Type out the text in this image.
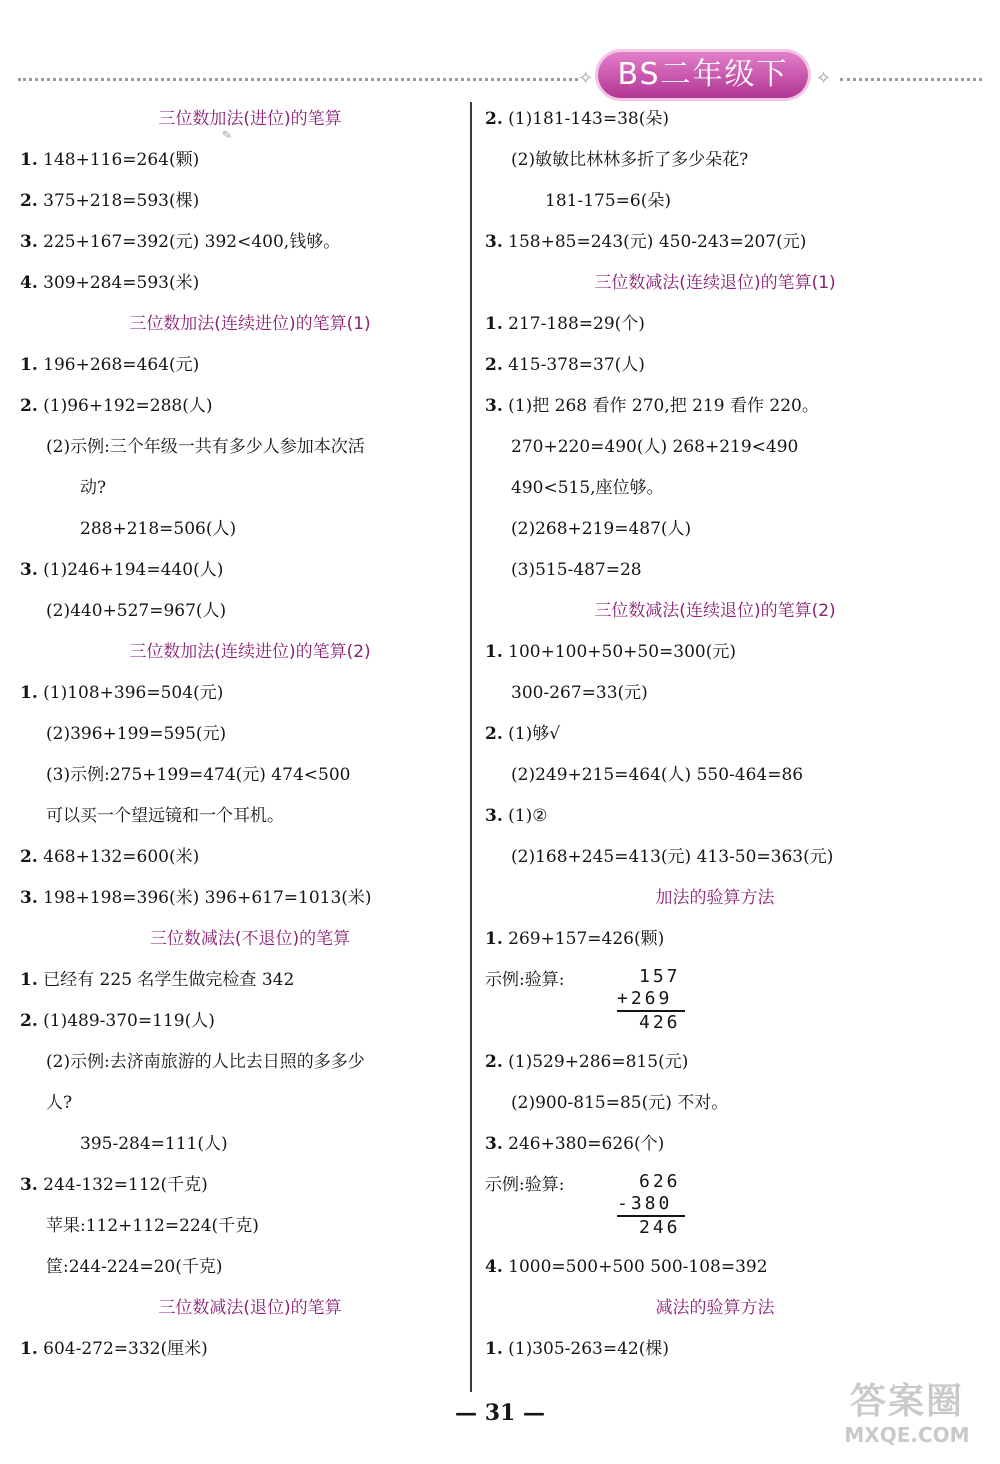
✧ BS二年级下	✧
✎
三位数加法(进位)的笔算
1. 148+116=264(颗)
2. 375+218=593(棵)
3. 225+167=392(元) 392<400,钱够。
4. 309+284=593(米)
三位数加法(连续进位)的笔算(1)
1. 196+268=464(元)
2. (1)96+192=288(人)
(2)示例:三个年级一共有多少人参加本次活
动?
288+218=506(人)
3. (1)246+194=440(人)
(2)440+527=967(人)
三位数加法(连续进位)的笔算(2)
1. (1)108+396=504(元)
(2)396+199=595(元)
(3)示例:275+199=474(元) 474<500
可以买一个望远镜和一个耳机。
2. 468+132=600(米)
3. 198+198=396(米) 396+617=1013(米)
三位数减法(不退位)的笔算
1. 已经有 225 名学生做完检查 342
2. (1)489-370=119(人)
(2)示例:去济南旅游的人比去日照的多多少
人?
395-284=111(人)
3. 244-132=112(千克)
苹果:112+112=224(千克)
筐:244-224=20(千克)
三位数减法(退位)的笔算
1. 604-272=332(厘米)
2. (1)181-143=38(朵)
(2)敏敏比林林多折了多少朵花?
181-175=6(朵)
3. 158+85=243(元) 450-243=207(元)
三位数减法(连续退位)的笔算(1)
1. 217-188=29(个)
2. 415-378=37(人)
3. (1)把 268 看作 270,把 219 看作 220。
270+220=490(人) 268+219<490
490<515,座位够。
(2)268+219=487(人)
(3)515-487=28
三位数减法(连续退位)的笔算(2)
1. 100+100+50+50=300(元)
300-267=33(元)
2. (1)够√
(2)249+215=464(人) 550-464=86
3. (1)②
(2)168+245=413(元) 413-50=363(元)
加法的验算方法
1. 269+157=426(颗)
示例:验算:	157
+269
426
2. (1)529+286=815(元)
(2)900-815=85(元) 不对。
3. 246+380=626(个)
示例:验算:	626
-380
246
4. 1000=500+500 500-108=392
减法的验算方法
1. (1)305-263=42(棵)
— 31 —	答案圈
MXQE.COM
